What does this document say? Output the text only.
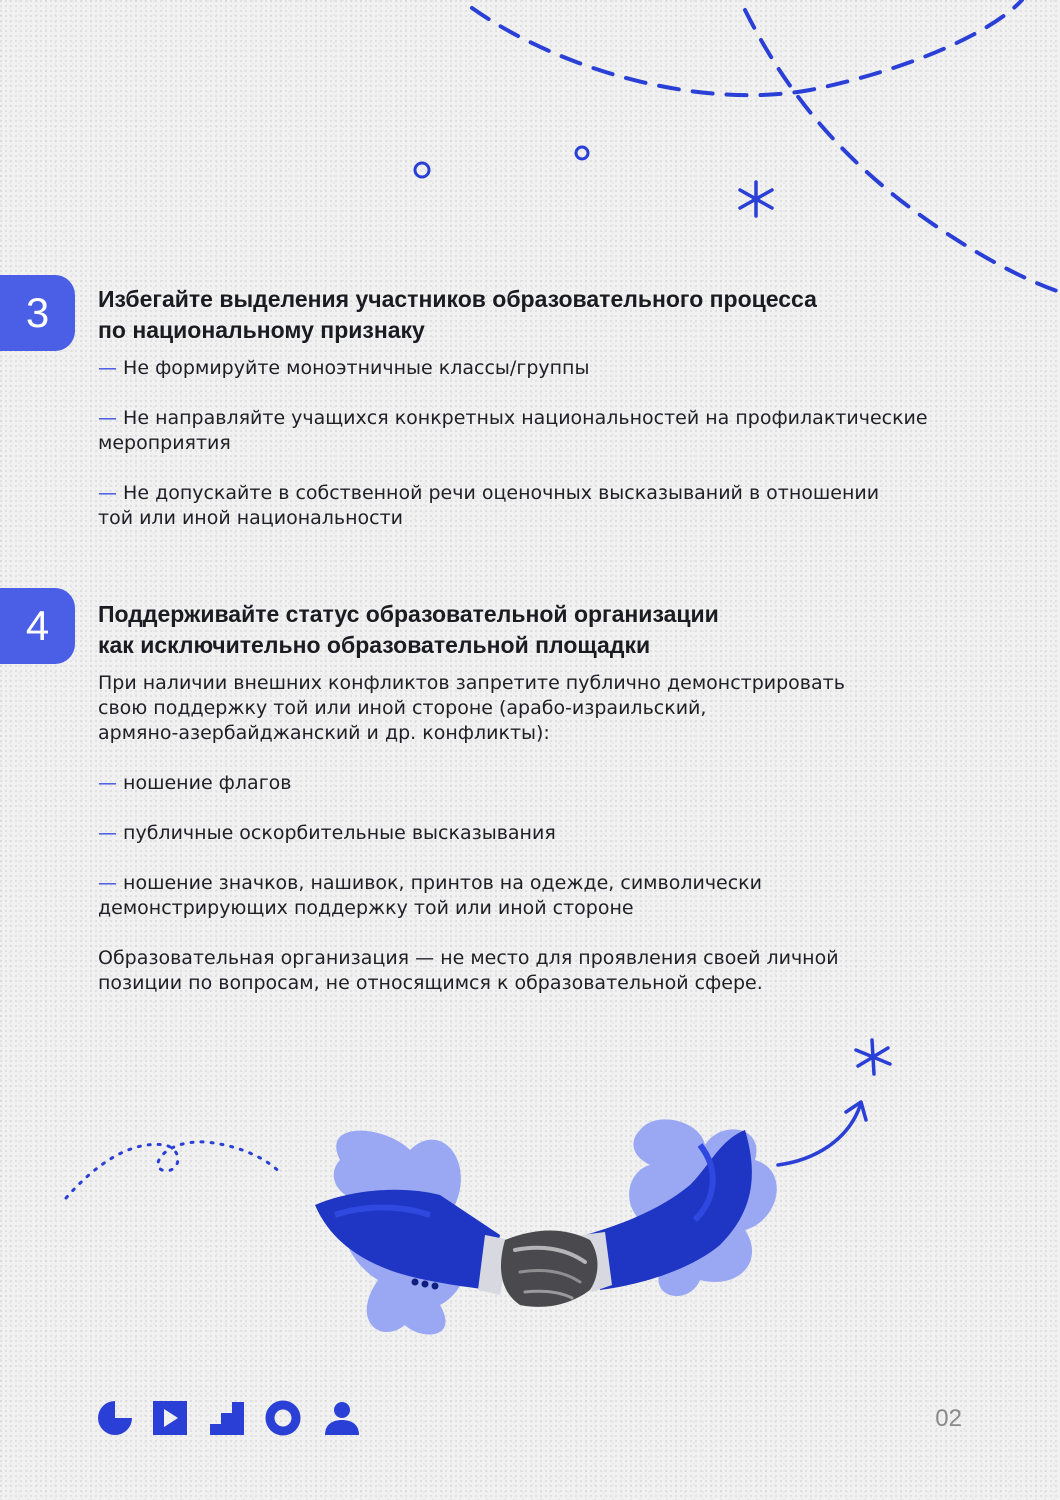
3 Избегайте выделения участников образовательного процесса
по национальному признаку
— Не формируйте моноэтничные классы/группы
— Не направляйте учащихся конкретных национальностей на профилактические
мероприятия
— Не допускайте в собственной речи оценочных высказываний в отношении
той или иной национальности
4 Поддерживайте статус образовательной организации
как исключительно образовательной площадки
При наличии внешних конфликтов запретите публично демонстрировать
свою поддержку той или иной стороне (арабо-израильский,
армяно-азербайджанский и др. конфликты):
— ношение флагов
— публичные оскорбительные высказывания
— ношение значков, нашивок, принтов на одежде, символически
демонстрирующих поддержку той или иной стороне
Образовательная организация — не место для проявления своей личной
позиции по вопросам, не относящимся к образовательной сфере.
02
